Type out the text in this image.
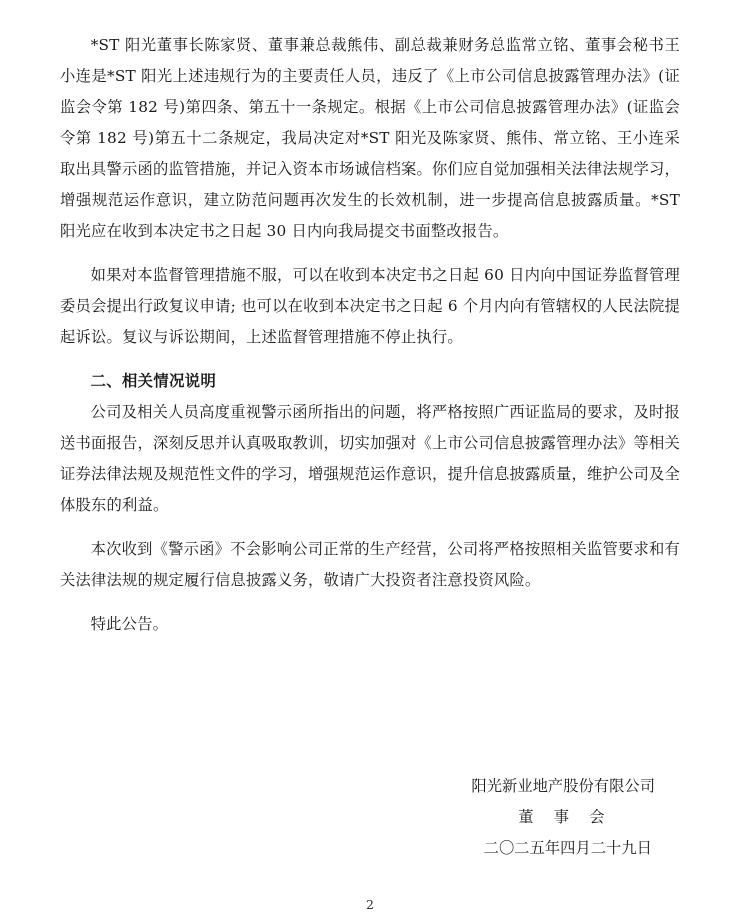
*ST 阳光董事长陈家贤、董事兼总裁熊伟、副总裁兼财务总监常立铭、董事会秘书王小连是*ST 阳光上述违规行为的主要责任人员，违反了《上市公司信息披露管理办法》(证监会令第 182 号)第四条、第五十一条规定。根据《上市公司信息披露管理办法》(证监会令第 182 号)第五十二条规定，我局决定对*ST 阳光及陈家贤、熊伟、常立铭、王小连采取出具警示函的监管措施，并记入资本市场诚信档案。你们应自觉加强相关法律法规学习，增强规范运作意识，建立防范问题再次发生的长效机制，进一步提高信息披露质量。*ST 阳光应在收到本决定书之日起 30 日内向我局提交书面整改报告。

如果对本监督管理措施不服，可以在收到本决定书之日起 60 日内向中国证券监督管理委员会提出行政复议申请; 也可以在收到本决定书之日起 6 个月内向有管辖权的人民法院提起诉讼。复议与诉讼期间，上述监督管理措施不停止执行。

二、相关情况说明

公司及相关人员高度重视警示函所指出的问题，将严格按照广西证监局的要求，及时报送书面报告，深刻反思并认真吸取教训，切实加强对《上市公司信息披露管理办法》等相关证券法律法规及规范性文件的学习，增强规范运作意识，提升信息披露质量，维护公司及全体股东的利益。

本次收到《警示函》不会影响公司正常的生产经营，公司将严格按照相关监管要求和有关法律法规的规定履行信息披露义务，敬请广大投资者注意投资风险。

特此公告。

阳光新业地产股份有限公司
董 事 会
二〇二五年四月二十九日
2
